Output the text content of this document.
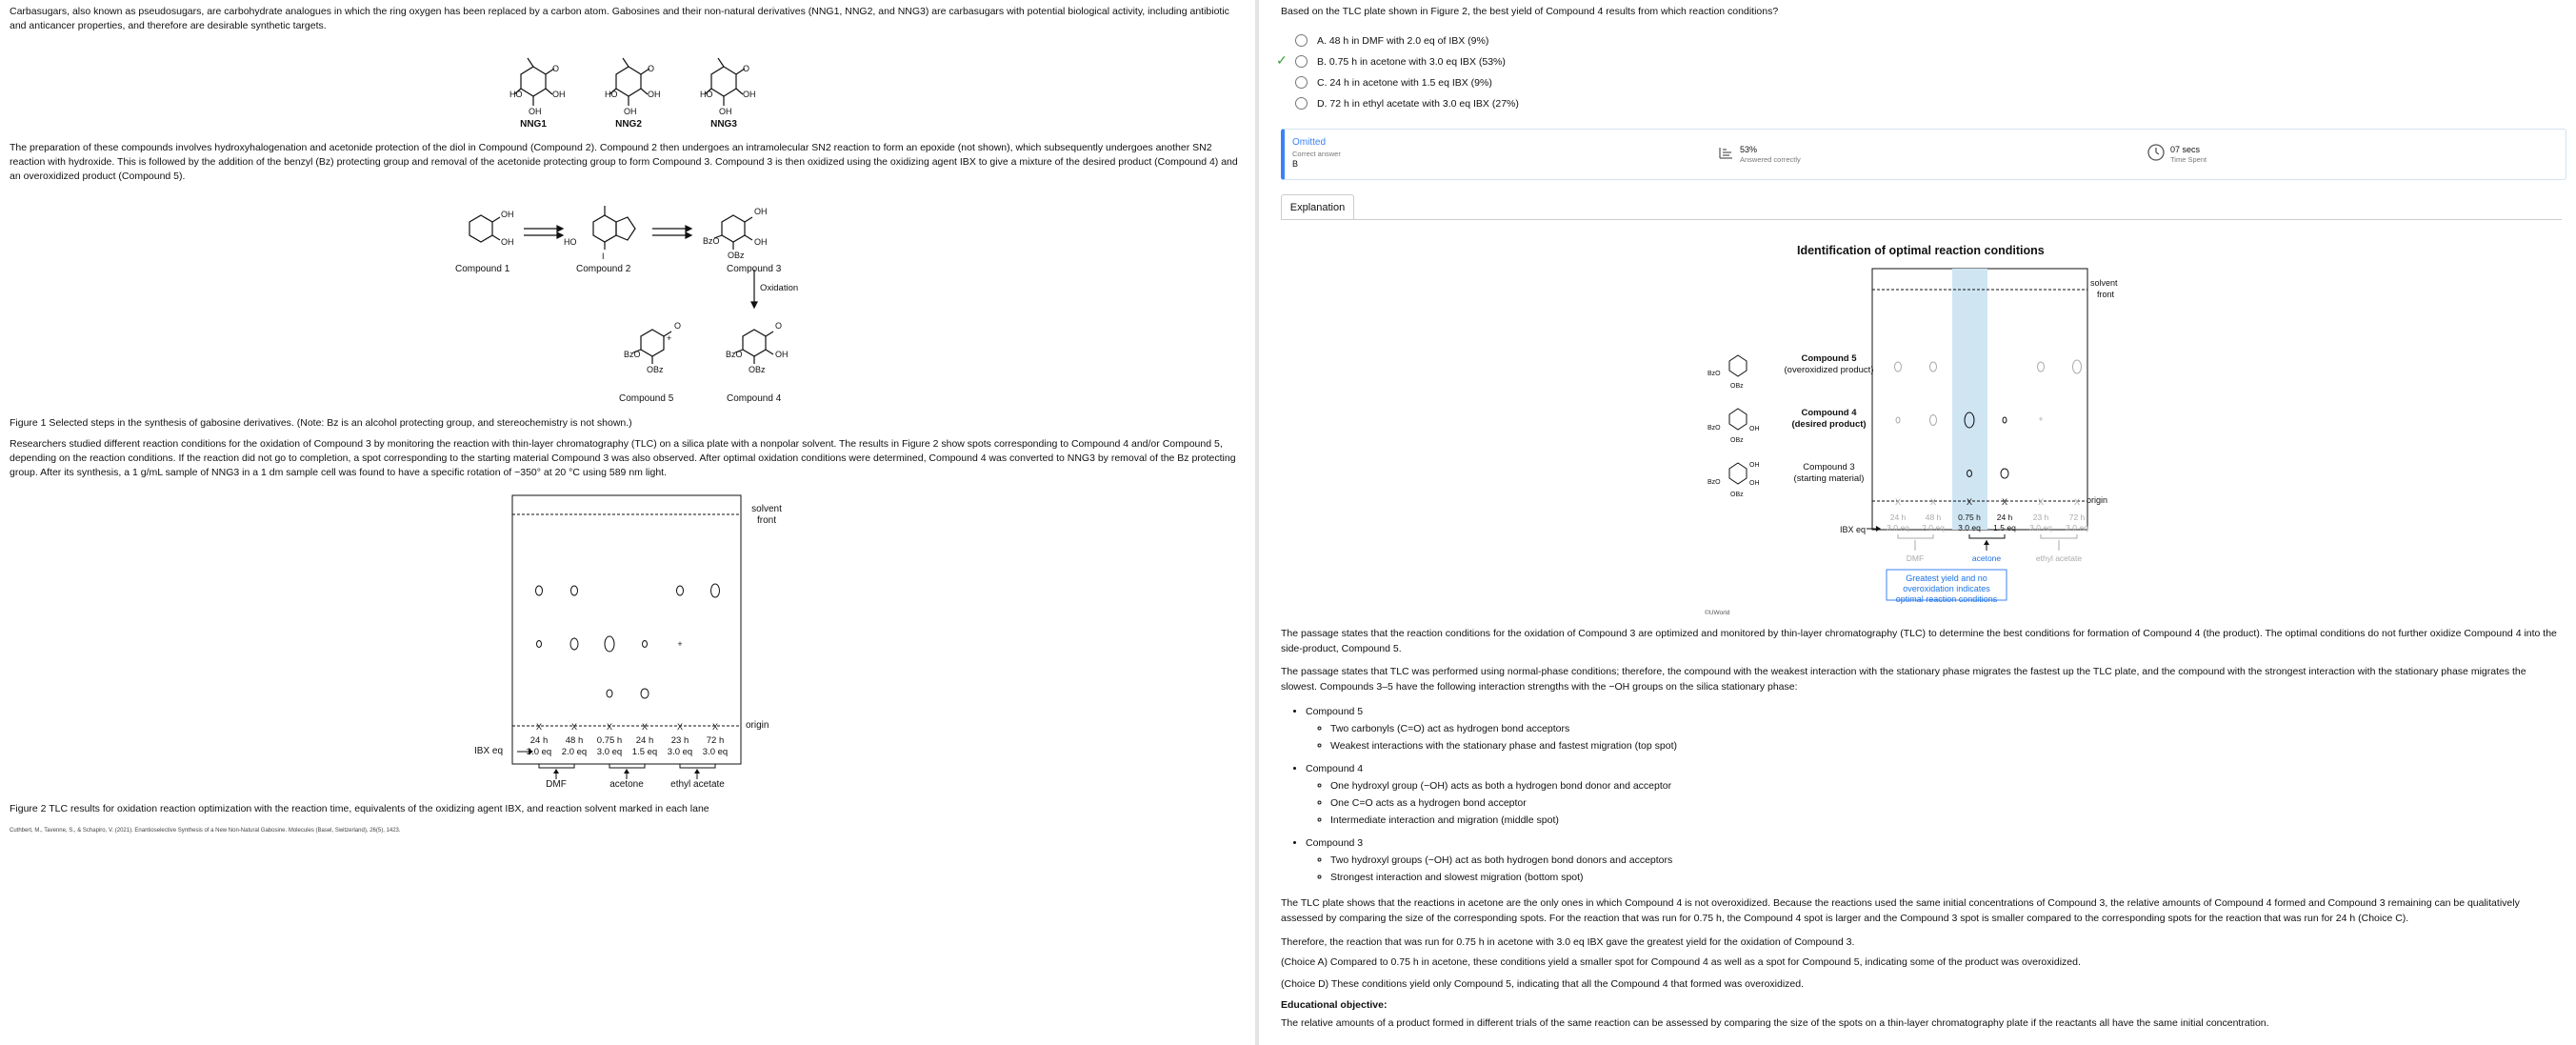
Carbasugars, also known as pseudosugars, are carbohydrate analogues in which the ring oxygen has been replaced by a carbon atom. Gabosines and their non-natural derivatives (NNG1, NNG2, and NNG3) are carbasugars with potential biological activity, including antibiotic and anticancer properties, and therefore are desirable synthetic targets.
HO	OH
OH
O
HO	OH
OH
O
HO	OH
OH
O
NNG1	NNG2	NNG3
The preparation of these compounds involves hydroxyhalogenation and acetonide protection of the diol in Compound (Compound 2). Compound 2 then undergoes an intramolecular SN2 reaction to form an epoxide (not shown), which subsequently undergoes another SN2 reaction with hydroxide. This is followed by the addition of the benzyl (Bz) protecting group and removal of the acetonide protecting group to form Compound 3. Compound 3 is then oxidized using the oxidizing agent IBX to give a mixture of the desired product (Compound 4) and an overoxidized product (Compound 5).
OH
OH	HO
I
BzO
OH
OH
OBz
+
BzO
O
OBz
BzO
O
OH
OBz
Oxidation
Compound 1	Compound 2	Compound 3
Compound 5	Compound 4
Figure 1 Selected steps in the synthesis of gabosine derivatives. (Note: Bz is an alcohol protecting group, and stereochemistry is not shown.)
Researchers studied different reaction conditions for the oxidation of Compound 3 by monitoring the reaction with thin-layer chromatography (TLC) on a silica plate with a nonpolar solvent. The results in Figure 2 show spots corresponding to Compound 4 and/or Compound 5, depending on the reaction conditions. If the reaction did not go to completion, a spot corresponding to the starting material Compound 3 was also observed. After optimal oxidation conditions were determined, Compound 4 was converted to NNG3 by removal of the Bz protecting group. After its synthesis, a 1 g/mL sample of NNG3 in a 1 dm sample cell was found to have a specific rotation of −350° at 20 °C using 589 nm light.
X	X	X	X	X	X
+
solvent front
origin
IBX eq
24 h	48 h	0.75 h	24 h	23 h	72 h
3.0 eq	2.0 eq	3.0 eq	1.5 eq	3.0 eq	3.0 eq
DMF	acetone	ethyl acetate
Figure 2 TLC results for oxidation reaction optimization with the reaction time, equivalents of the oxidizing agent IBX, and reaction solvent marked in each lane
Cuthbert, M., Tavenne, S., & Schapiro, V. (2021). Enantioselective Synthesis of a New Non-Natural Gabosine. Molecules (Basel, Switzerland), 26(5), 1423.
Based on the TLC plate shown in Figure 2, the best yield of Compound 4 results from which reaction conditions?
A. 48 h in DMF with 2.0 eq of IBX (9%)
✓	B. 0.75 h in acetone with 3.0 eq IBX (53%)
C. 24 h in acetone with 1.5 eq IBX (9%)
D. 72 h in ethyl acetate with 3.0 eq IBX (27%)
Omitted
Correct answer
B
53%
Answered correctly
07 secs
Time Spent
Explanation
Identification of optimal reaction conditions
X	X	X	X	X	X
+
origin
solvent
front
IBX eq
24 h 48 h	23 h	72 h
3.0 eq 2.0 eq	3.0 eq 3.0 eq
0.75 h 24 h
3.0 eq 1.5 eq
DMF	acetone	ethyl acetate
BzO
OBz
BzO
OBz
BzO
OBz
OH
OH
OH
Compound 5
(overoxidized product)
Compound 4
(desired product)
Compound 3
(starting material)
Greatest yield and no overoxidation indicates optimal reaction conditions
©UWorld
The passage states that the reaction conditions for the oxidation of Compound 3 are optimized and monitored by thin-layer chromatography (TLC) to determine the best conditions for formation of Compound 4 (the product). The optimal conditions do not further oxidize Compound 4 into the side-product, Compound 5.
The passage states that TLC was performed using normal-phase conditions; therefore, the compound with the weakest interaction with the stationary phase migrates the fastest up the TLC plate, and the compound with the strongest interaction with the stationary phase migrates the slowest. Compounds 3–5 have the following interaction strengths with the −OH groups on the silica stationary phase:
• Compound 5
◦ Two carbonyls (C=O) act as hydrogen bond acceptors
◦ Weakest interactions with the stationary phase and fastest migration (top spot)
• Compound 4
◦ One hydroxyl group (−OH) acts as both a hydrogen bond donor and acceptor
◦ One C=O acts as a hydrogen bond acceptor
◦ Intermediate interaction and migration (middle spot)
• Compound 3
◦ Two hydroxyl groups (−OH) act as both hydrogen bond donors and acceptors
◦ Strongest interaction and slowest migration (bottom spot)
The TLC plate shows that the reactions in acetone are the only ones in which Compound 4 is not overoxidized. Because the reactions used the same initial concentrations of Compound 3, the relative amounts of Compound 4 formed and Compound 3 remaining can be qualitatively assessed by comparing the size of the corresponding spots. For the reaction that was run for 0.75 h, the Compound 4 spot is larger and the Compound 3 spot is smaller compared to the corresponding spots for the reaction that was run for 24 h (Choice C).
Therefore, the reaction that was run for 0.75 h in acetone with 3.0 eq IBX gave the greatest yield for the oxidation of Compound 3.
(Choice A) Compared to 0.75 h in acetone, these conditions yield a smaller spot for Compound 4 as well as a spot for Compound 5, indicating some of the product was overoxidized.
(Choice D) These conditions yield only Compound 5, indicating that all the Compound 4 that formed was overoxidized.
Educational objective:
The relative amounts of a product formed in different trials of the same reaction can be assessed by comparing the size of the spots on a thin-layer chromatography plate if the reactants all have the same initial concentration.
